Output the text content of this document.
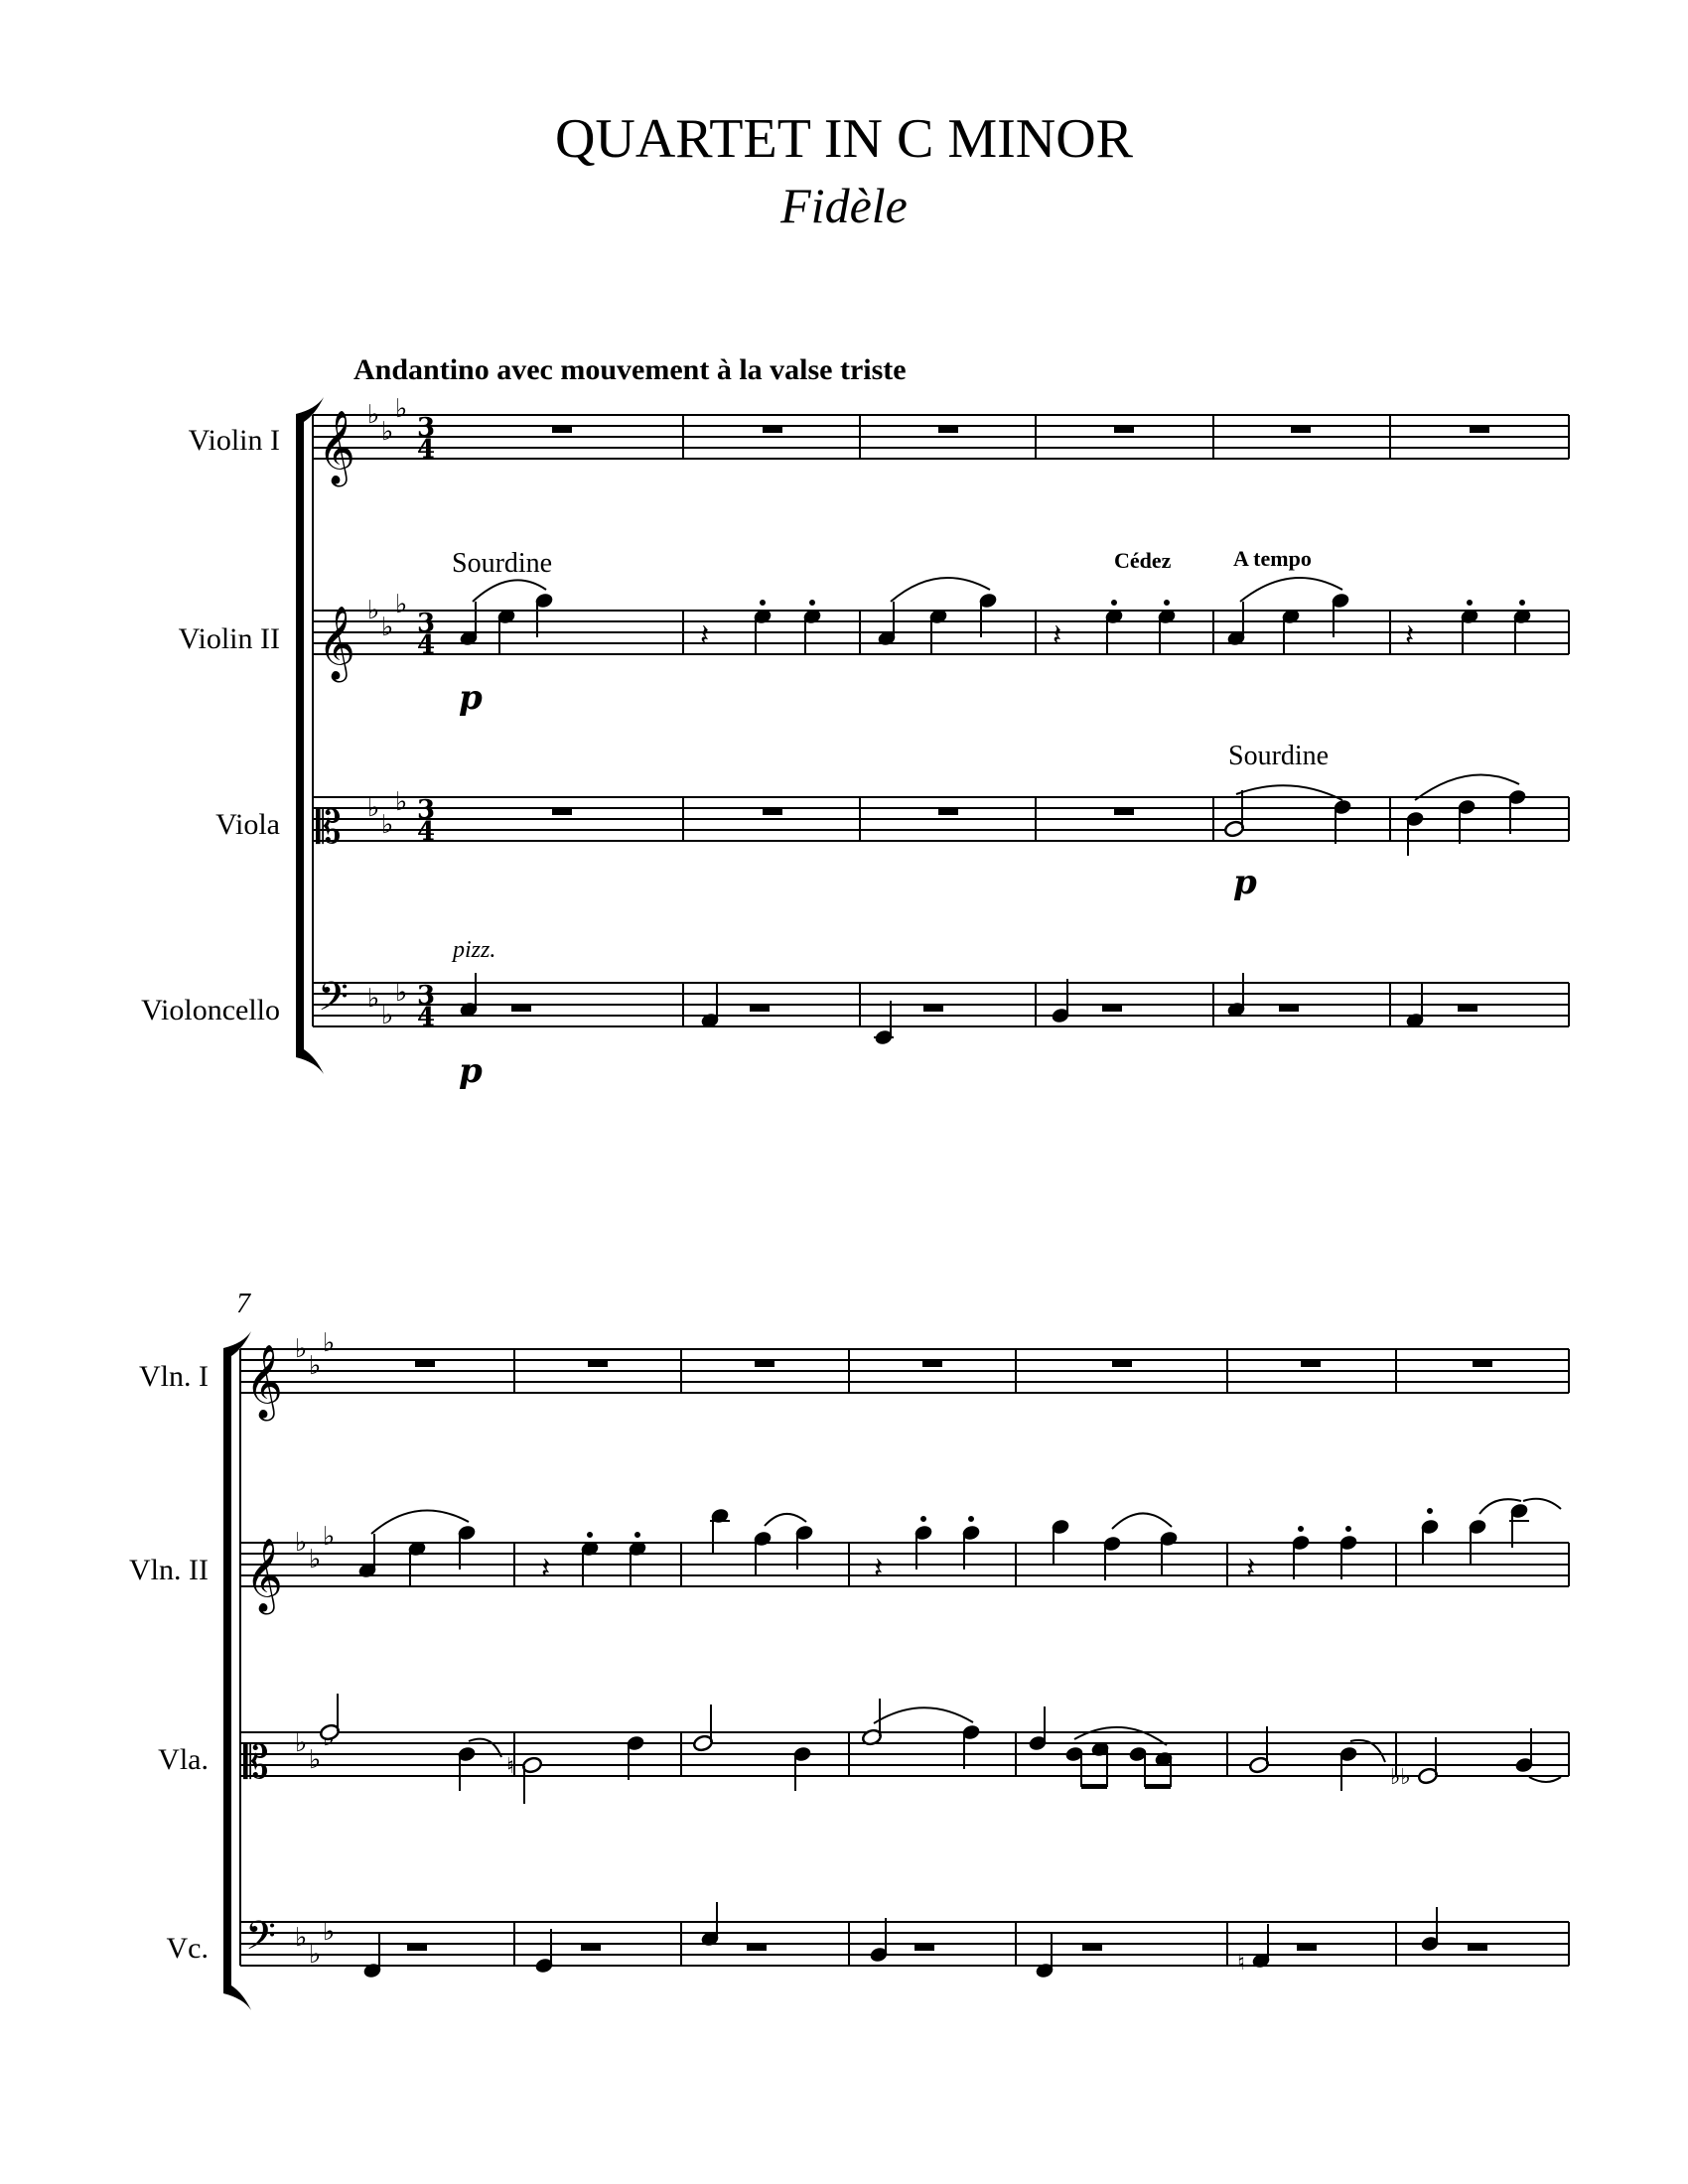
QUARTET IN C MINOR
Fidèle
Andantino avec mouvement à la valse triste
Violin I
Violin II
Viola
Violoncello
𝄞
𝄞
𝄡
𝄢
♭
♭
♭
♭
♭
♭
♭
♭
♭
♭
♭
♭
3
4
3
4
3
4
3
4
𝄽	𝄽	𝄽
Sourdine	Cédez	A tempo
p
Sourdine
p
pizz.
p
7
Vln. I
Vln. II
Vla.
Vc.
𝄞
𝄞
𝄡
𝄢
♭
♭
♭
♭
♭
♭
♭
♭
♭
♭
♭
𝄽	𝄽	𝄽
♮	♭♭
♮
